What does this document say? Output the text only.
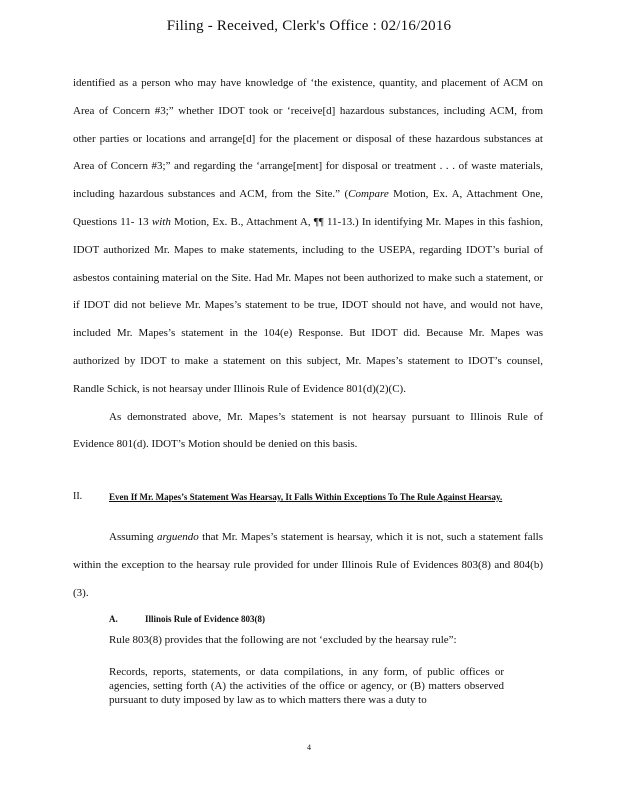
Filing - Received, Clerk's Office : 02/16/2016

identified as a person who may have knowledge of ‘the existence, quantity, and placement of ACM on Area of Concern #3;” whether IDOT took or ‘receive[d] hazardous substances, including ACM, from other parties or locations and arrange[d] for the placement or disposal of these hazardous substances at Area of Concern #3;” and regarding the ‘arrange[ment] for disposal or treatment . . . of waste materials, including hazardous substances and ACM, from the Site.” (Compare Motion, Ex. A, Attachment One, Questions 11- 13 with Motion, Ex. B., Attachment A, ¶¶ 11-13.) In identifying Mr. Mapes in this fashion, IDOT authorized Mr. Mapes to make statements, including to the USEPA, regarding IDOT’s burial of asbestos containing material on the Site. Had Mr. Mapes not been authorized to make such a statement, or if IDOT did not believe Mr. Mapes’s statement to be true, IDOT should not have, and would not have, included Mr. Mapes’s statement in the 104(e) Response. But IDOT did. Because Mr. Mapes was authorized by IDOT to make a statement on this subject, Mr. Mapes’s statement to IDOT’s counsel, Randle Schick, is not hearsay under Illinois Rule of Evidence 801(d)(2)(C).

As demonstrated above, Mr. Mapes’s statement is not hearsay pursuant to Illinois Rule of Evidence 801(d). IDOT’s Motion should be denied on this basis.

II.	Even If Mr. Mapes’s Statement Was Hearsay, It Falls Within Exceptions To The Rule Against Hearsay.

Assuming arguendo that Mr. Mapes’s statement is hearsay, which it is not, such a statement falls within the exception to the hearsay rule provided for under Illinois Rule of Evidences 803(8) and 804(b)(3).

A.	Illinois Rule of Evidence 803(8)
Rule 803(8) provides that the following are not ‘excluded by the hearsay rule”:
Records, reports, statements, or data compilations, in any form, of public offices or agencies, setting forth (A) the activities of the office or agency, or (B) matters observed pursuant to duty imposed by law as to which matters there was a duty to
4
